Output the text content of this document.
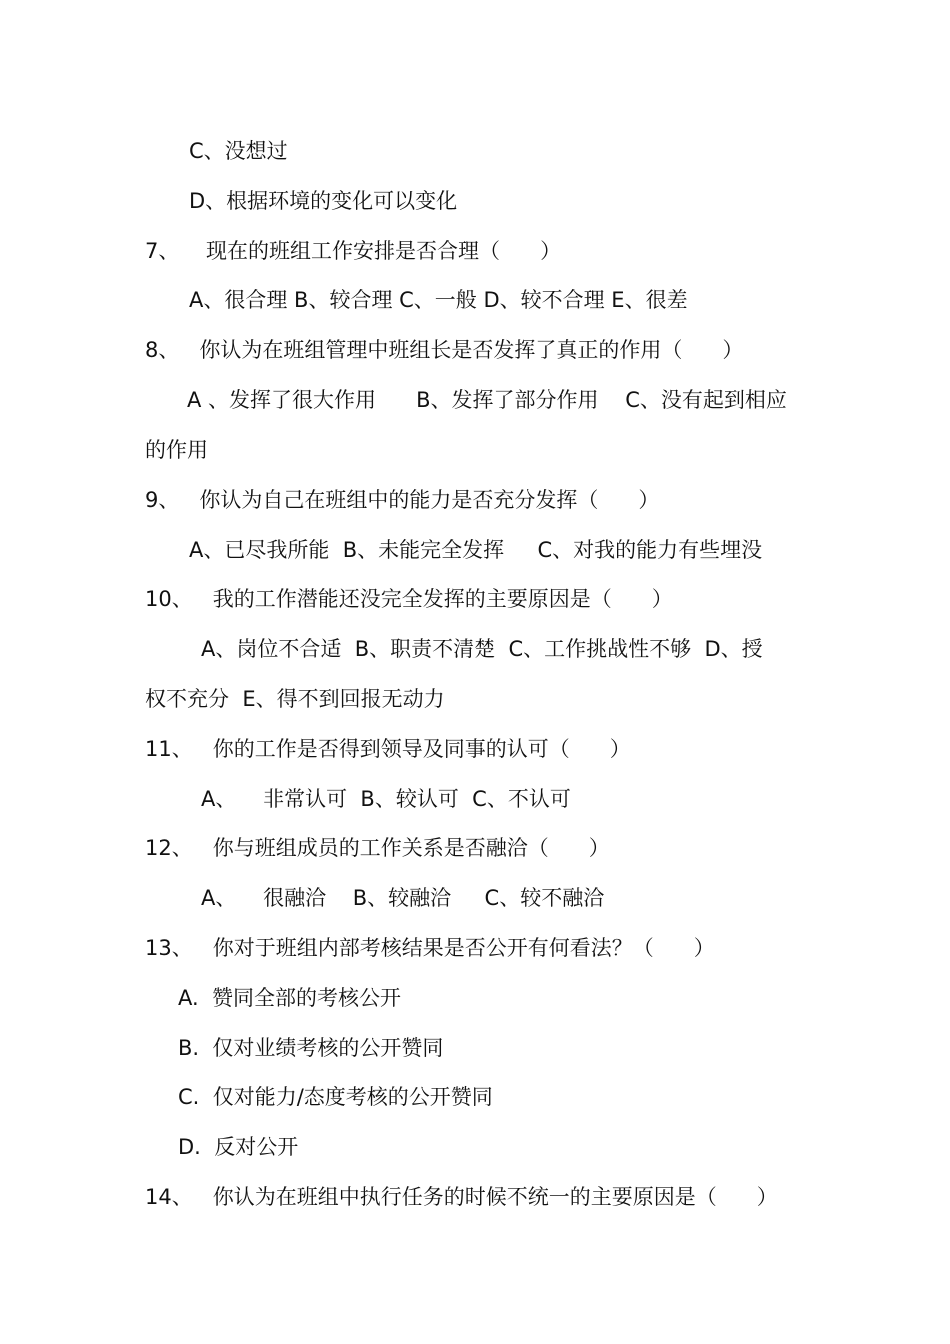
C、没想过
D、根据环境的变化可以变化
7、    现在的班组工作安排是否合理（      ）
A、很合理 B、较合理 C、一般 D、较不合理 E、很差
8、   你认为在班组管理中班组长是否发挥了真正的作用（      ）
A 、发挥了很大作用      B、发挥了部分作用    C、没有起到相应
的作用
9、   你认为自己在班组中的能力是否充分发挥（      ）
A、已尽我所能  B、未能完全发挥     C、对我的能力有些埋没
10、   我的工作潜能还没完全发挥的主要原因是（      ）
A、岗位不合适  B、职责不清楚  C、工作挑战性不够  D、授
权不充分  E、得不到回报无动力
11、   你的工作是否得到领导及同事的认可（      ）
A、    非常认可  B、较认可  C、不认可
12、   你与班组成员的工作关系是否融洽（      ）
A、    很融洽    B、较融洽     C、较不融洽
13、   你对于班组内部考核结果是否公开有何看法？（      ）
A.  赞同全部的考核公开
B.  仅对业绩考核的公开赞同
C.  仅对能力/态度考核的公开赞同
D.  反对公开
14、   你认为在班组中执行任务的时候不统一的主要原因是（      ）
